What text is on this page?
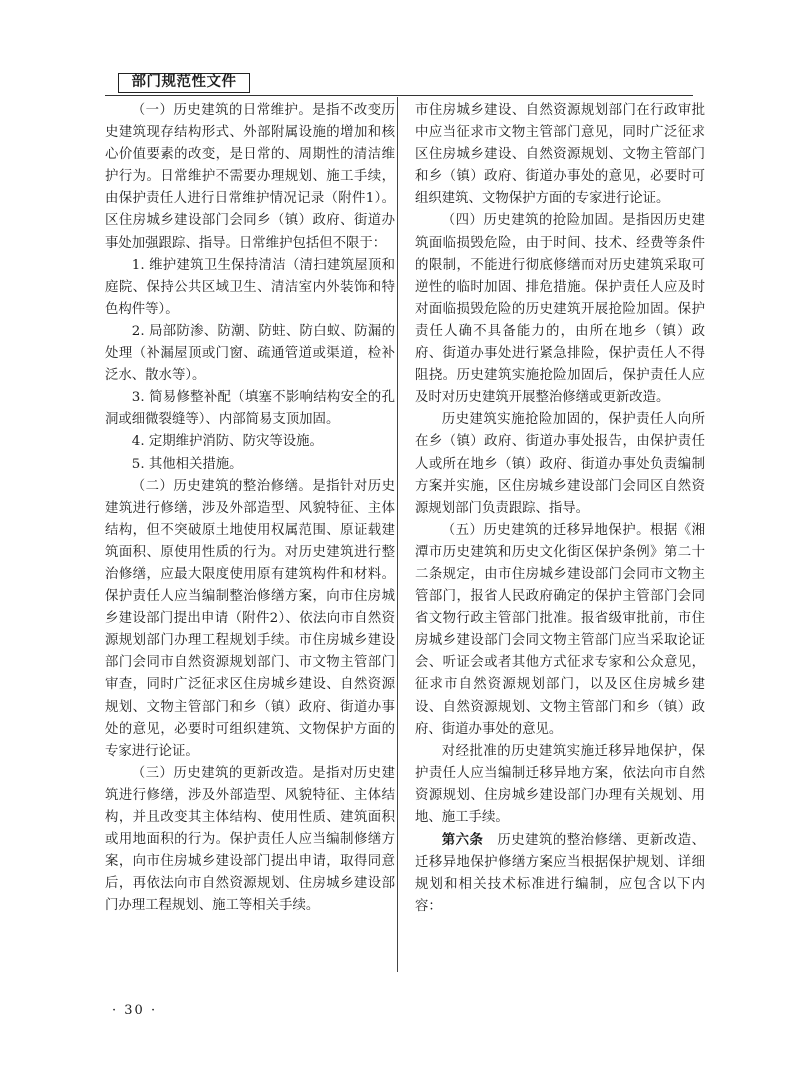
部门规范性文件

（一）历史建筑的日常维护。是指不改变历史建筑现存结构形式、外部附属设施的增加和核心价值要素的改变，是日常的、周期性的清洁维护行为。日常维护不需要办理规划、施工手续，由保护责任人进行日常维护情况记录（附件1）。区住房城乡建设部门会同乡（镇）政府、街道办事处加强跟踪、指导。日常维护包括但不限于：

1. 维护建筑卫生保持清洁（清扫建筑屋顶和庭院、保持公共区域卫生、清洁室内外装饰和特色构件等）。

2. 局部防渗、防潮、防蛀、防白蚁、防漏的处理（补漏屋顶或门窗、疏通管道或渠道，检补泛水、散水等）。

3. 简易修整补配（填塞不影响结构安全的孔洞或细微裂缝等）、内部简易支顶加固。

4. 定期维护消防、防灾等设施。

5. 其他相关措施。

（二）历史建筑的整治修缮。是指针对历史建筑进行修缮，涉及外部造型、风貌特征、主体结构，但不突破原土地使用权属范围、原证载建筑面积、原使用性质的行为。对历史建筑进行整治修缮，应最大限度使用原有建筑构件和材料。保护责任人应当编制整治修缮方案，向市住房城乡建设部门提出申请（附件2）、依法向市自然资源规划部门办理工程规划手续。市住房城乡建设部门会同市自然资源规划部门、市文物主管部门审查，同时广泛征求区住房城乡建设、自然资源规划、文物主管部门和乡（镇）政府、街道办事处的意见，必要时可组织建筑、文物保护方面的专家进行论证。

（三）历史建筑的更新改造。是指对历史建筑进行修缮，涉及外部造型、风貌特征、主体结构，并且改变其主体结构、使用性质、建筑面积或用地面积的行为。保护责任人应当编制修缮方案，向市住房城乡建设部门提出申请，取得同意后，再依法向市自然资源规划、住房城乡建设部门办理工程规划、施工等相关手续。

市住房城乡建设、自然资源规划部门在行政审批中应当征求市文物主管部门意见，同时广泛征求区住房城乡建设、自然资源规划、文物主管部门和乡（镇）政府、街道办事处的意见，必要时可组织建筑、文物保护方面的专家进行论证。

（四）历史建筑的抢险加固。是指因历史建筑面临损毁危险，由于时间、技术、经费等条件的限制，不能进行彻底修缮而对历史建筑采取可逆性的临时加固、排危措施。保护责任人应及时对面临损毁危险的历史建筑开展抢险加固。保护责任人确不具备能力的，由所在地乡（镇）政府、街道办事处进行紧急排险，保护责任人不得阻挠。历史建筑实施抢险加固后，保护责任人应及时对历史建筑开展整治修缮或更新改造。

历史建筑实施抢险加固的，保护责任人向所在乡（镇）政府、街道办事处报告，由保护责任人或所在地乡（镇）政府、街道办事处负责编制方案并实施，区住房城乡建设部门会同区自然资源规划部门负责跟踪、指导。

（五）历史建筑的迁移异地保护。根据《湘潭市历史建筑和历史文化街区保护条例》第二十二条规定，由市住房城乡建设部门会同市文物主管部门，报省人民政府确定的保护主管部门会同省文物行政主管部门批准。报省级审批前，市住房城乡建设部门会同文物主管部门应当采取论证会、听证会或者其他方式征求专家和公众意见，征求市自然资源规划部门，以及区住房城乡建设、自然资源规划、文物主管部门和乡（镇）政府、街道办事处的意见。

对经批准的历史建筑实施迁移异地保护，保护责任人应当编制迁移异地方案，依法向市自然资源规划、住房城乡建设部门办理有关规划、用地、施工手续。

第六条　 历史建筑的整治修缮、更新改造、迁移异地保护修缮方案应当根据保护规划、详细规划和相关技术标准进行编制，应包含以下内容：

· 30 ·
